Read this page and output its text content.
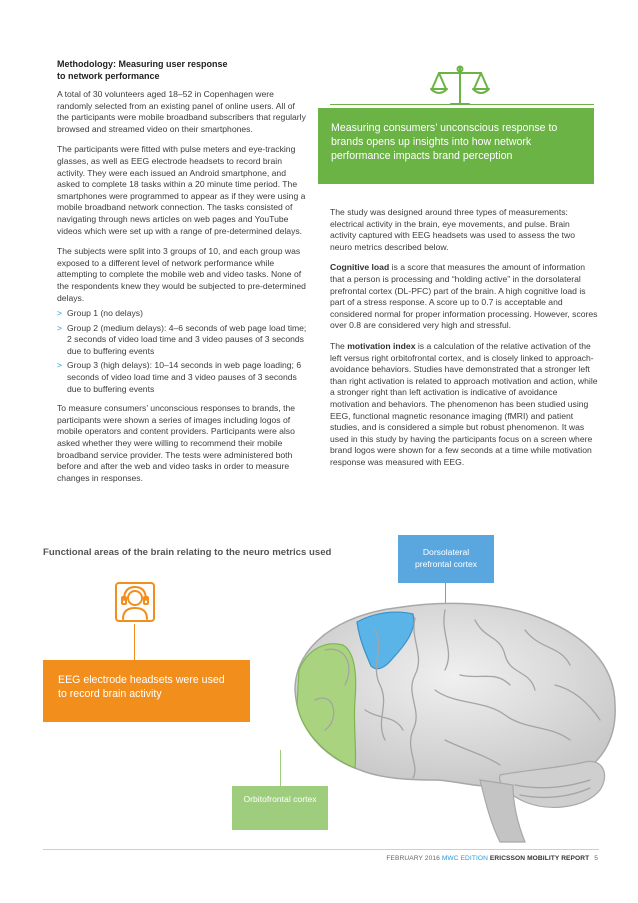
Methodology: Measuring user response
to network performance

A total of 30 volunteers aged 18–52 in Copenhagen were randomly selected from an existing panel of online users. All of the participants were mobile broadband subscribers that regularly browsed and streamed video on their smartphones.

The participants were fitted with pulse meters and eye-tracking glasses, as well as EEG electrode headsets to record brain activity. They were each issued an Android smartphone, and asked to complete 18 tasks within a 20 minute time period. The smartphones were programmed to appear as if they were using a mobile broadband network connection. The tasks consisted of navigating through news articles on web pages and YouTube videos which were set up with a range of pre-determined delays.

The subjects were split into 3 groups of 10, and each group was exposed to a different level of network performance while attempting to complete the mobile web and video tasks. None of the respondents knew they would be subjected to pre-determined delays.

> Group 1 (no delays)
> Group 2 (medium delays): 4–6 seconds of web page load time; 2 seconds of video load time and 3 video pauses of 3 seconds due to buffering events
> Group 3 (high delays): 10–14 seconds in web page loading; 6 seconds of video load time and 3 video pauses of 3 seconds due to buffering events

To measure consumers’ unconscious responses to brands, the participants were shown a series of images including logos of mobile operators and content providers. Participants were also asked whether they were willing to recommend their mobile broadband service provider. The tests were administered both before and after the web and video tasks in order to measure changes in responses.

Measuring consumers’ unconscious response to brands opens up insights into how network performance impacts brand perception

The study was designed around three types of measurements: electrical activity in the brain, eye movements, and pulse. Brain activity captured with EEG headsets was used to assess the two neuro metrics described below.

Cognitive load is a score that measures the amount of information that a person is processing and “holding active” in the dorsolateral prefrontal cortex (DL-PFC) part of the brain. A high cognitive load is part of a stress response. A score up to 0.7 is acceptable and considered normal for proper information processing. However, scores over 0.8 are considered very high and stressful.

The motivation index is a calculation of the relative activation of the left versus right orbitofrontal cortex, and is closely linked to approach-avoidance behaviors. Studies have demonstrated that a stronger left than right activation is related to approach motivation and action, while a stronger right than left activation is indicative of avoidance motivation and behaviors. The phenomenon has been studied using EEG, functional magnetic resonance imaging (fMRI) and patient studies, and is considered a simple but robust phenomenon. It was used in this study by having the participants focus on a screen where brand logos were shown for a few seconds at a time while motivation response was measured with EEG.

Functional areas of the brain relating to the neuro metrics used	Dorsolateral prefrontal cortex
EEG electrode headsets were used to record brain activity
Orbitofrontal cortex
FEBRUARY 2016 MWC EDITION ERICSSON MOBILITY REPORT 5
